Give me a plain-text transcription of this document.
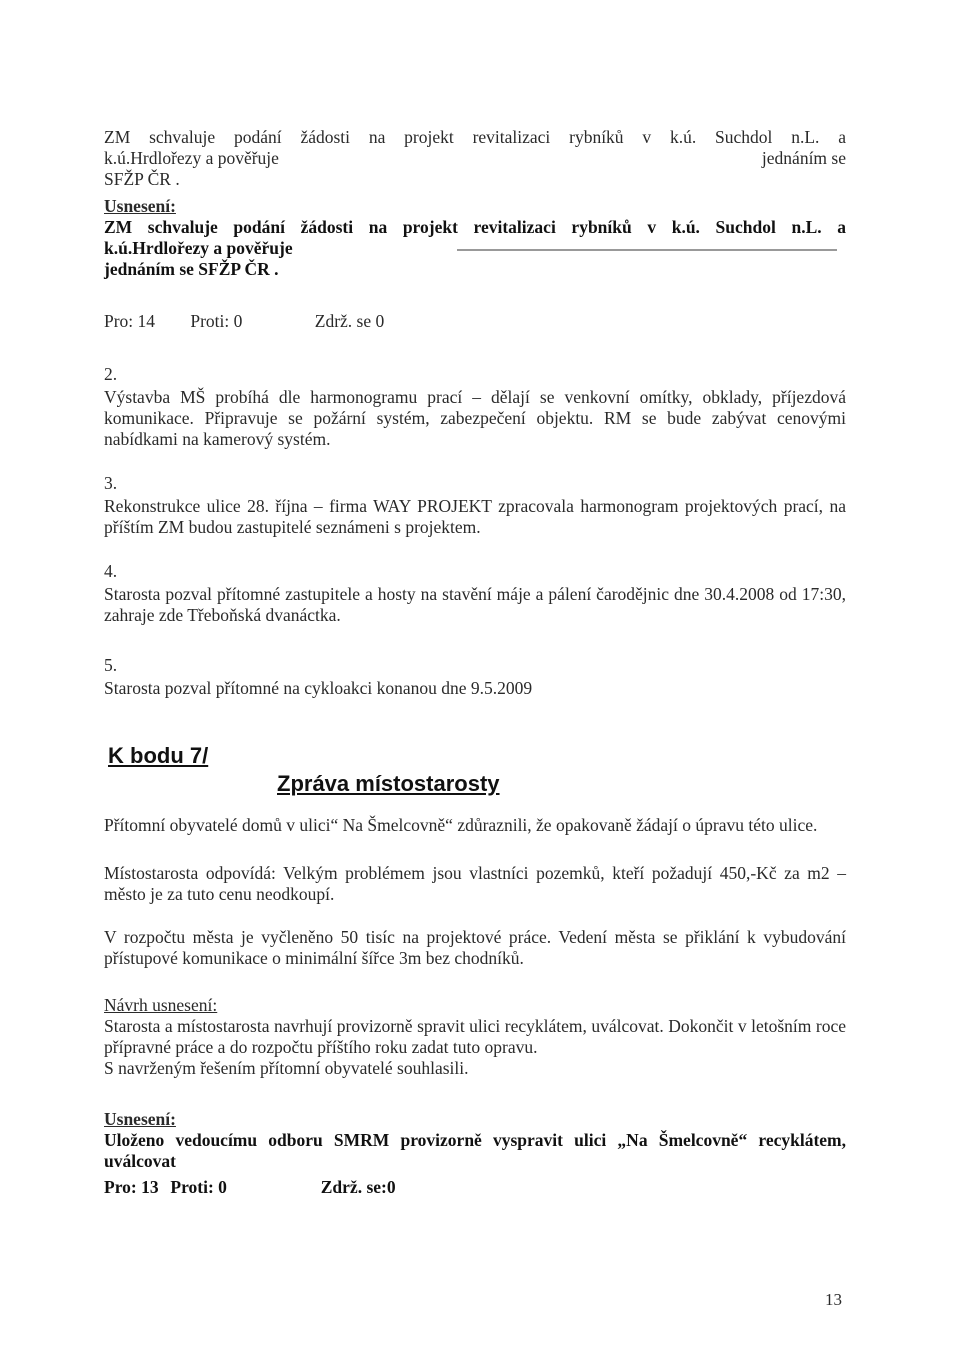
ZM schvaluje podání žádosti na projekt revitalizaci rybníků v k.ú. Suchdol n.L. a

k.ú.Hrdlořezy a pověřuje	jednáním se

SFŽP ČR .

Usnesení:

ZM schvaluje podání žádosti na projekt revitalizaci rybníků v k.ú. Suchdol n.L. a

k.ú.Hrdlořezy a pověřuje

jednáním se SFŽP ČR .

Pro: 14 Proti: 0	Zdrž. se 0
2.

Výstavba MŠ probíhá dle harmonogramu prací – dělají se venkovní omítky, obklady, příjezdová komunikace. Připravuje se požární systém, zabezpečení objektu. RM se bude zabývat cenovými nabídkami na kamerový systém.

3.

Rekonstrukce ulice 28. října – firma WAY PROJEKT zpracovala harmonogram projektových prací, na příštím ZM budou zastupitelé seznámeni s projektem.

4.

Starosta pozval přítomné zastupitele a hosty na stavění máje a pálení čarodějnic dne 30.4.2008 od 17:30, zahraje zde Třeboňská dvanáctka.

5.

Starosta pozval přítomné na cykloakci konanou dne 9.5.2009

K bodu 7/
Zpráva místostarosty

Přítomní obyvatelé domů v ulici“ Na Šmelcovně“ zdůraznili, že opakovaně žádají o úpravu této ulice.

Místostarosta odpovídá: Velkým problémem jsou vlastníci pozemků, kteří požadují 450,-Kč za m2 – město je za tuto cenu neodkoupí.

V rozpočtu města je vyčleněno 50 tisíc na projektové práce. Vedení města se přiklání k vybudování přístupové komunikace o minimální šířce 3m bez chodníků.

Návrh usnesení:

Starosta a místostarosta navrhují provizorně spravit ulici recyklátem, uválcovat. Dokončit v letošním roce přípravné práce a do rozpočtu příštího roku zadat tuto opravu.

S navrženým řešením přítomní obyvatelé souhlasili.

Usnesení:

Uloženo vedoucímu odboru SMRM provizorně vyspravit ulici „Na Šmelcovně“ recyklátem, uválcovat

Pro: 13 Proti: 0	Zdrž. se:0
13
